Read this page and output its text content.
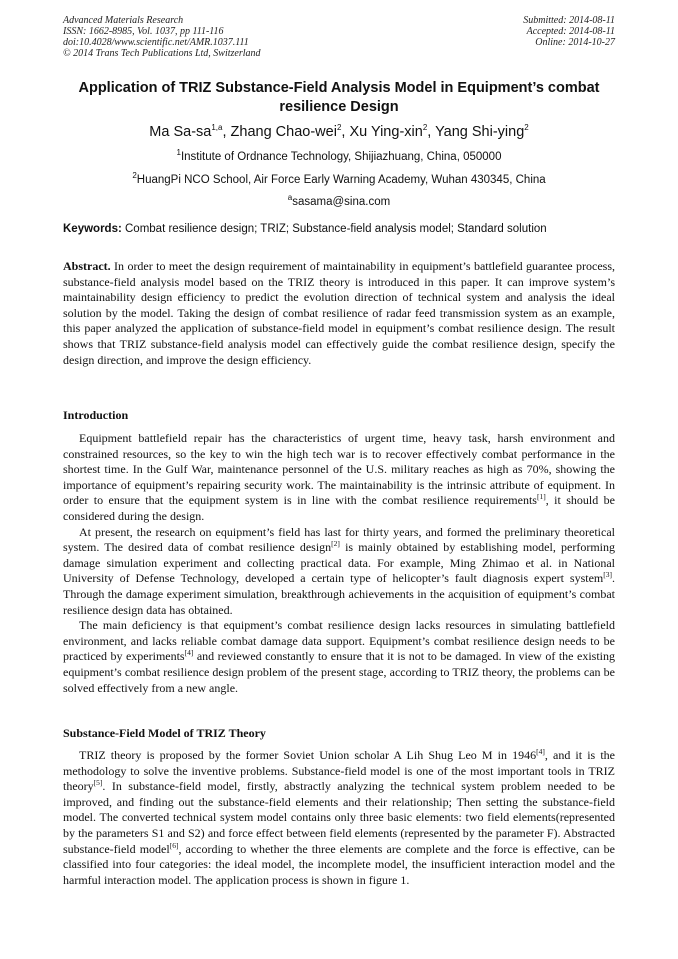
Advanced Materials Research
ISSN: 1662-8985, Vol. 1037, pp 111-116
doi:10.4028/www.scientific.net/AMR.1037.111
© 2014 Trans Tech Publications Ltd, Switzerland
Submitted: 2014-08-11
Accepted: 2014-08-11
Online: 2014-10-27
Application of TRIZ Substance-Field Analysis Model in Equipment’s combat resilience Design
Ma Sa-sa$^{1,a}$, Zhang Chao-wei$^2$, Xu Ying-xin$^2$, Yang Shi-ying$^2$
$^1$Institute of Ordnance Technology, Shijiazhuang, China, 050000
$^2$HuangPi NCO School, Air Force Early Warning Academy, Wuhan 430345, China
$^a$sasama@sina.com
Keywords: Combat resilience design; TRIZ; Substance-field analysis model; Standard solution

Abstract. In order to meet the design requirement of maintainability in equipment’s battlefield guarantee process, substance-field analysis model based on the TRIZ theory is introduced in this paper. It can improve system’s maintainability design efficiency to predict the evolution direction of technical system and analysis the ideal solution by the model. Taking the design of combat resilience of radar feed transmission system as an example, this paper analyzed the application of substance-field model in equipment’s combat resilience design. The result shows that TRIZ substance-field analysis model can effectively guide the combat resilience design, specify the design direction, and improve the design efficiency.

Introduction

Equipment battlefield repair has the characteristics of urgent time, heavy task, harsh environment and constrained resources, so the key to win the high tech war is to recover effectively combat performance in the shortest time. In the Gulf War, maintenance personnel of the U.S. military reaches as high as 70%, showing the importance of equipment’s repairing security work. The maintainability is the intrinsic attribute of equipment. In order to ensure that the equipment system is in line with the combat resilience requirements[1], it should be considered during the design.

At present, the research on equipment’s field has last for thirty years, and formed the preliminary theoretical system. The desired data of combat resilience design[2] is mainly obtained by establishing model, performing damage simulation experiment and collecting practical data. For example, Ming Zhimao et al. in National University of Defense Technology, developed a certain type of helicopter’s fault diagnosis expert system[3]. Through the damage experiment simulation, breakthrough achievements in the acquisition of equipment’s combat resilience design data has obtained.

The main deficiency is that equipment’s combat resilience design lacks resources in simulating battlefield environment, and lacks reliable combat damage data support. Equipment’s combat resilience design needs to be practiced by experiments[4] and reviewed constantly to ensure that it is not to be damaged. In view of the existing equipment’s combat resilience design problem of the present stage, according to TRIZ theory, the problems can be solved effectively from a new angle.

Substance-Field Model of TRIZ Theory

TRIZ theory is proposed by the former Soviet Union scholar A Lih Shug Leo M in 1946[4], and it is the methodology to solve the inventive problems. Substance-field model is one of the most important tools in TRIZ theory[5]. In substance-field model, firstly, abstractly analyzing the technical system problem needed to be improved, and finding out the substance-field elements and their relationship; Then setting the substance-field model. The converted technical system model contains only three basic elements: two field elements(represented by the parameters S1 and S2) and force effect between field elements (represented by the parameter F). Abstracted substance-field model[6], according to whether the three elements are complete and the force is effective, can be classified into four categories: the ideal model, the incomplete model, the insufficient interaction model and the harmful interaction model. The application process is shown in figure 1.
